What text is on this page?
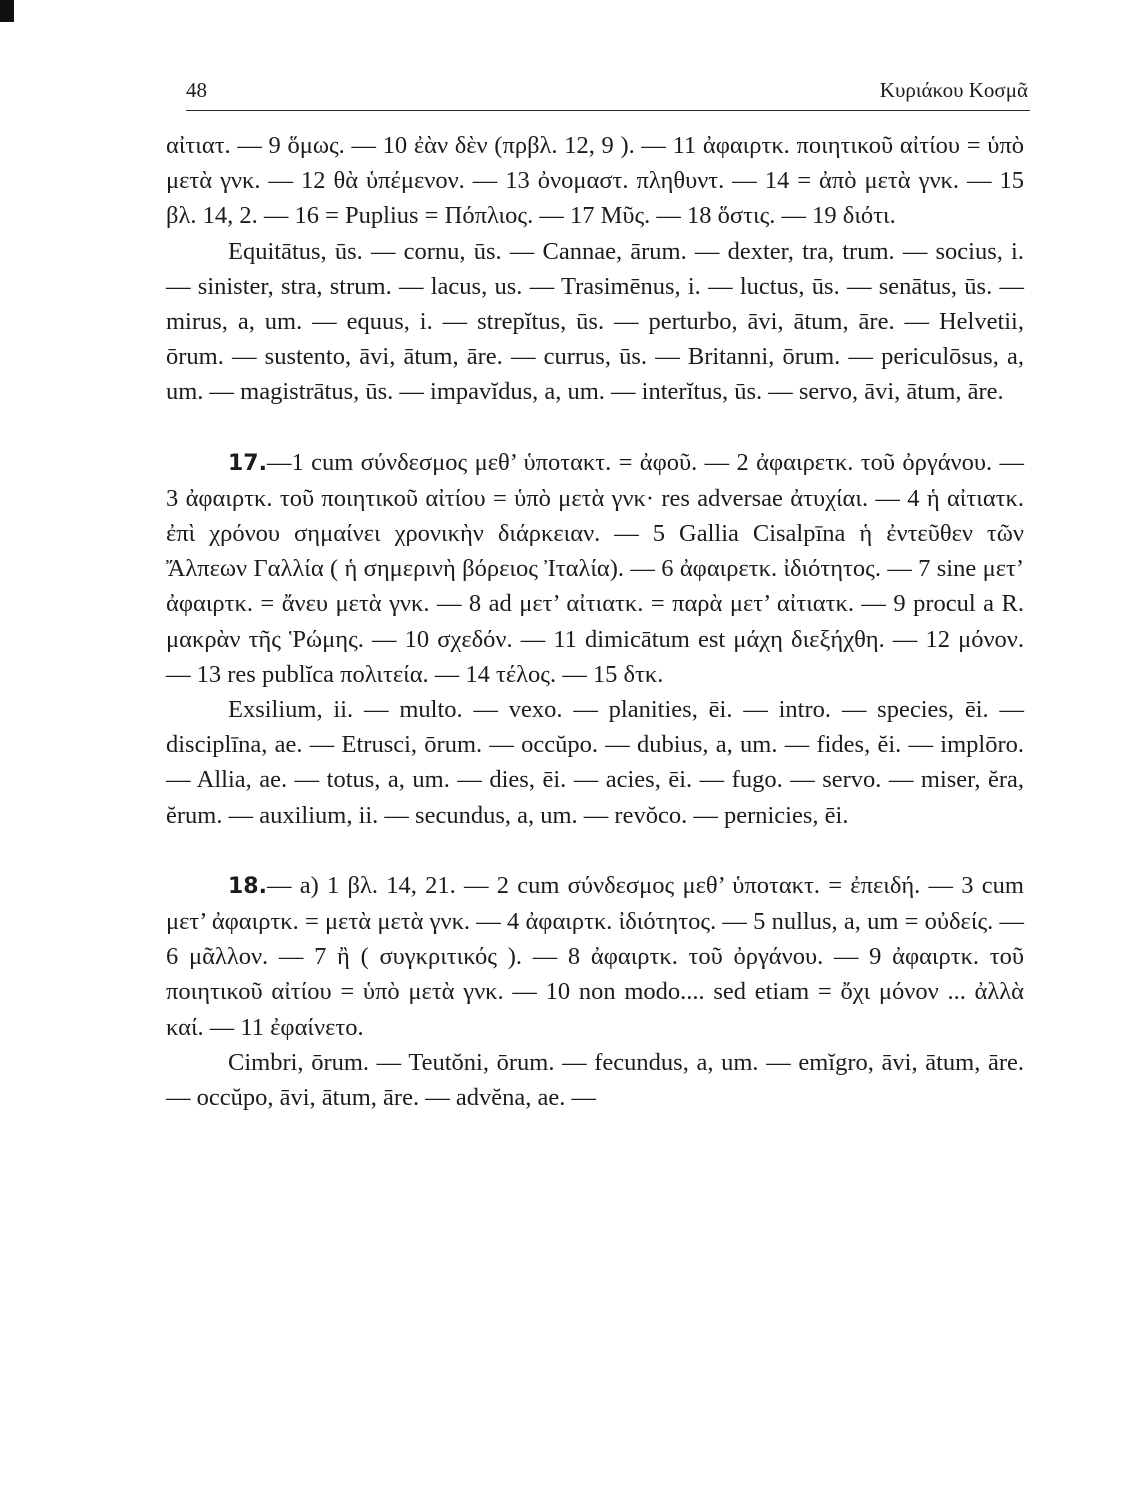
48	Κυριάκου Κοσμᾶ

αἰτιατ. — 9 ὅμως. — 10 ἐὰν δὲν (πρβλ. 12, 9 ). — 11 ἀφαιρτκ. ποιητικοῦ αἰτίου = ὑπὸ μετὰ γνκ. — 12 θὰ ὑπέμενον. — 13 ὀνομαστ. πληθυντ. — 14 = ἀπὸ μετὰ γνκ. — 15 βλ. 14, 2. — 16 = Puplius = Πόπλιος. — 17 Μῦς. — 18 ὅστις. — 19 διότι.

Equitātus, ūs. — cornu, ūs. — Cannae, ārum. — dexter, tra, trum. — socius, i. — sinister, stra, strum. — lacus, us. — Trasimēnus, i. — luctus, ūs. — senātus, ūs. — mirus, a, um. — equus, i. — strepĭtus, ūs. — perturbo, āvi, ātum, āre. — Helvetii, ōrum. — sustento, āvi, ātum, āre. — currus, ūs. — Britanni, ōrum. — periculōsus, a, um. — magistrātus, ūs. — impavĭdus, a, um. — interĭtus, ūs. — servo, āvi, ātum, āre.

17.—1 cum σύνδεσμος μεθ’ ὑποτακτ. = ἀφοῦ. — 2 ἀφαιρετκ. τοῦ ὀργάνου. — 3 ἀφαιρτκ. τοῦ ποιητικοῦ αἰτίου = ὑπὸ μετὰ γνκ· res adversae ἀτυχίαι. — 4 ἡ αἰτιατκ. ἐπὶ χρόνου σημαίνει χρονικὴν διάρκειαν. — 5 Gallia Cisalpīna ἡ ἐντεῦθεν τῶν Ἄλπεων Γαλλία ( ἡ σημερινὴ βόρειος Ἰταλία). — 6 ἀφαιρετκ. ἰδιότητος. — 7 sine μετ’ ἀφαιρτκ. = ἄνευ μετὰ γνκ. — 8 ad μετ’ αἰτιατκ. = παρὰ μετ’ αἰτιατκ. — 9 procul a R. μακρὰν τῆς Ῥώμης. — 10 σχεδόν. — 11 dimicātum est μάχη διεξήχθη. — 12 μόνον. — 13 res publĭca πολιτεία. — 14 τέλος. — 15 δτκ.

Exsilium, ii. — multo. — vexo. — planities, ēi. — intro. — species, ēi. — disciplīna, ae. — Etrusci, ōrum. — occŭpo. — dubius, a, um. — fides, ĕi. — implōro. — Allia, ae. — totus, a, um. — dies, ēi. — acies, ēi. — fugo. — servo. — miser, ĕra, ĕrum. — auxilium, ii. — secundus, a, um. — revŏco. — pernicies, ēi.

18.— a) 1 βλ. 14, 21. — 2 cum σύνδεσμος μεθ’ ὑποτακτ. = ἐπειδή. — 3 cum μετ’ ἀφαιρτκ. = μετὰ μετὰ γνκ. — 4 ἀφαιρτκ. ἰδιότητος. — 5 nullus, a, um = οὐδείς. — 6 μᾶλλον. — 7 ἢ ( συγκριτικός ). — 8 ἀφαιρτκ. τοῦ ὀργάνου. — 9 ἀφαιρτκ. τοῦ ποιητικοῦ αἰτίου = ὑπὸ μετὰ γνκ. — 10 non modo.... sed etiam = ὄχι μόνον ... ἀλλὰ καί. — 11 ἐφαίνετο.

Cimbri, ōrum. — Teutŏni, ōrum. — fecundus, a, um. — emĭgro, āvi, ātum, āre. — occŭpo, āvi, ātum, āre. — advĕna, ae. —
